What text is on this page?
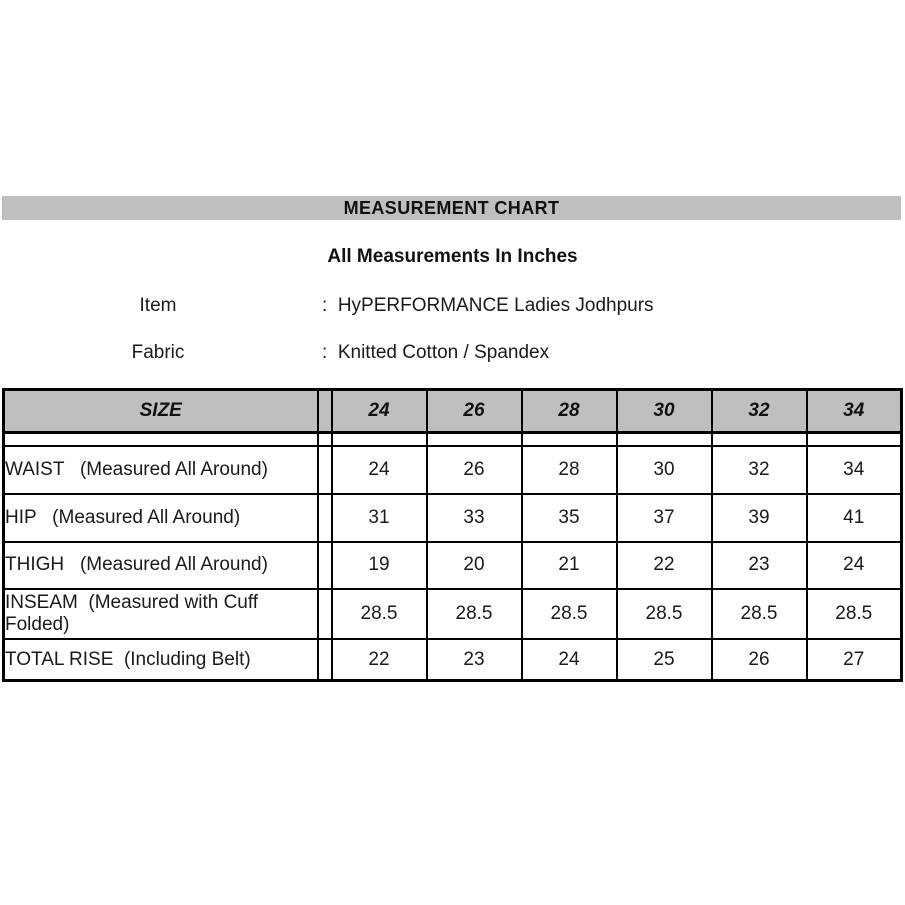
MEASUREMENT CHART
All Measurements In Inches
Item	:  HyPERFORMANCE Ladies Jodhpurs
Fabric	:  Knitted Cotton / Spandex
SIZE		24	26	28	30	32	34

WAIST   (Measured All Around)		24	26	28	30	32	34
HIP   (Measured All Around)		31	33	35	37	39	41
THIGH   (Measured All Around)		19	20	21	22	23	24
INSEAM  (Measured with Cuff Folded)		28.5	28.5	28.5	28.5	28.5	28.5
TOTAL RISE  (Including Belt)		22	23	24	25	26	27
